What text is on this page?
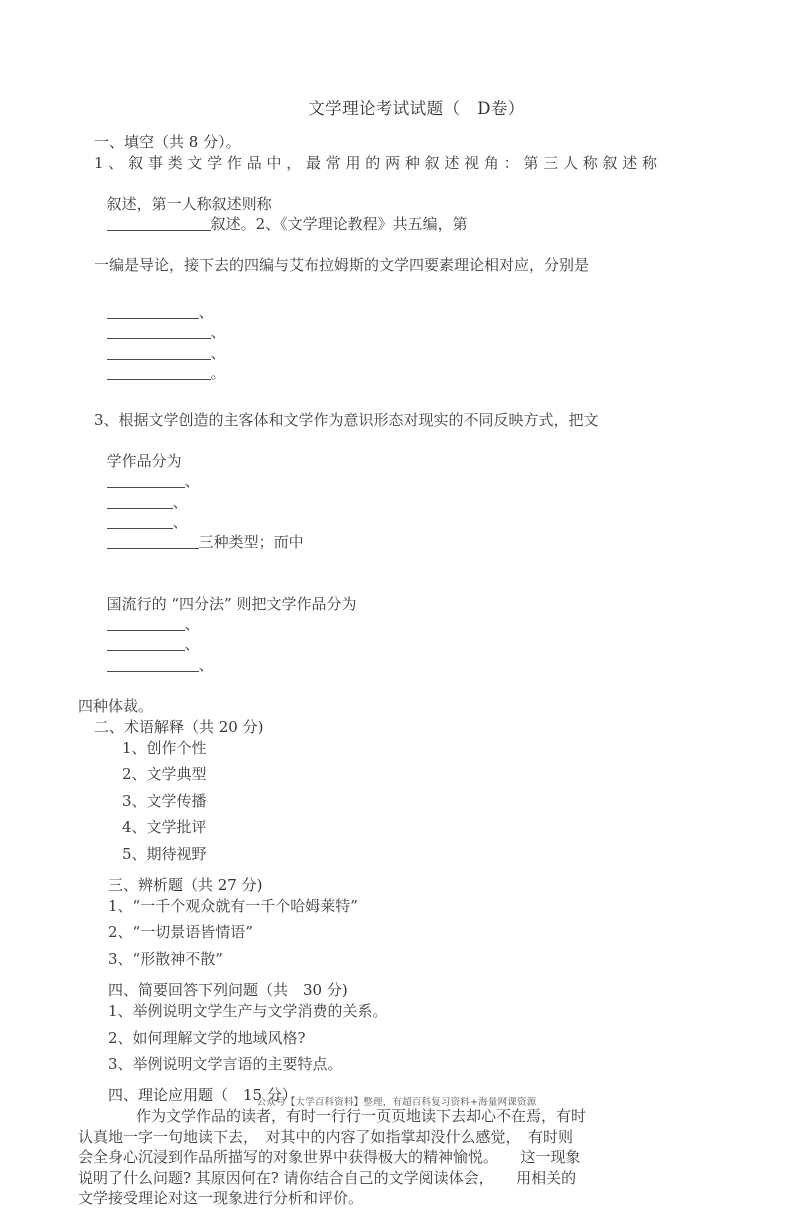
文学理论考试试题（　D卷）
一、填空（共 8 分）。
1 、 叙 事 类 文 学 作 品 中 ， 最 常 用 的 两 种 叙 述 视 角 ： 第 三 人 称 叙 述 称

叙述，第一人称叙述则称
叙述。2、《文学理论教程》共五编，第

一编是导论，接下去的四编与艾布拉姆斯的文学四要素理论相对应，分别是

、
、
、
。

3、根据文学创造的主客体和文学作为意识形态对现实的不同反映方式，把文

学作品分为
、
、
、
三种类型；而中

国流行的 “四分法” 则把文学作品分为
、
、
、

四种体裁。
二、术语解释（共 20 分)
1、创作个性
2、文学典型
3、文学传播
4、文学批评
5、期待视野
三、辨析题（共 27 分)
1、“一千个观众就有一千个哈姆莱特”
2、“一切景语皆情语”
3、“形散神不散”
四、简要回答下列问题（共　30 分)
1、举例说明文学生产与文学消费的关系。
2、如何理解文学的地域风格?
3、举例说明文学言语的主要特点。
四、理论应用题（　15 分）
作为文学作品的读者，有时一行行一页页地读下去却心不在焉，有时
认真地一字一句地读下去，　对其中的内容了如指掌却没什么感觉，　有时则
会全身心沉浸到作品所描写的对象世界中获得极大的精神愉悦。　　这一现象
说明了什么问题? 其原因何在? 请你结合自己的文学阅读体会，　　用相关的
文学接受理论对这一现象进行分析和评价。
公众号【大学百科资料】整理，有超百科复习资料+海量网课资源
